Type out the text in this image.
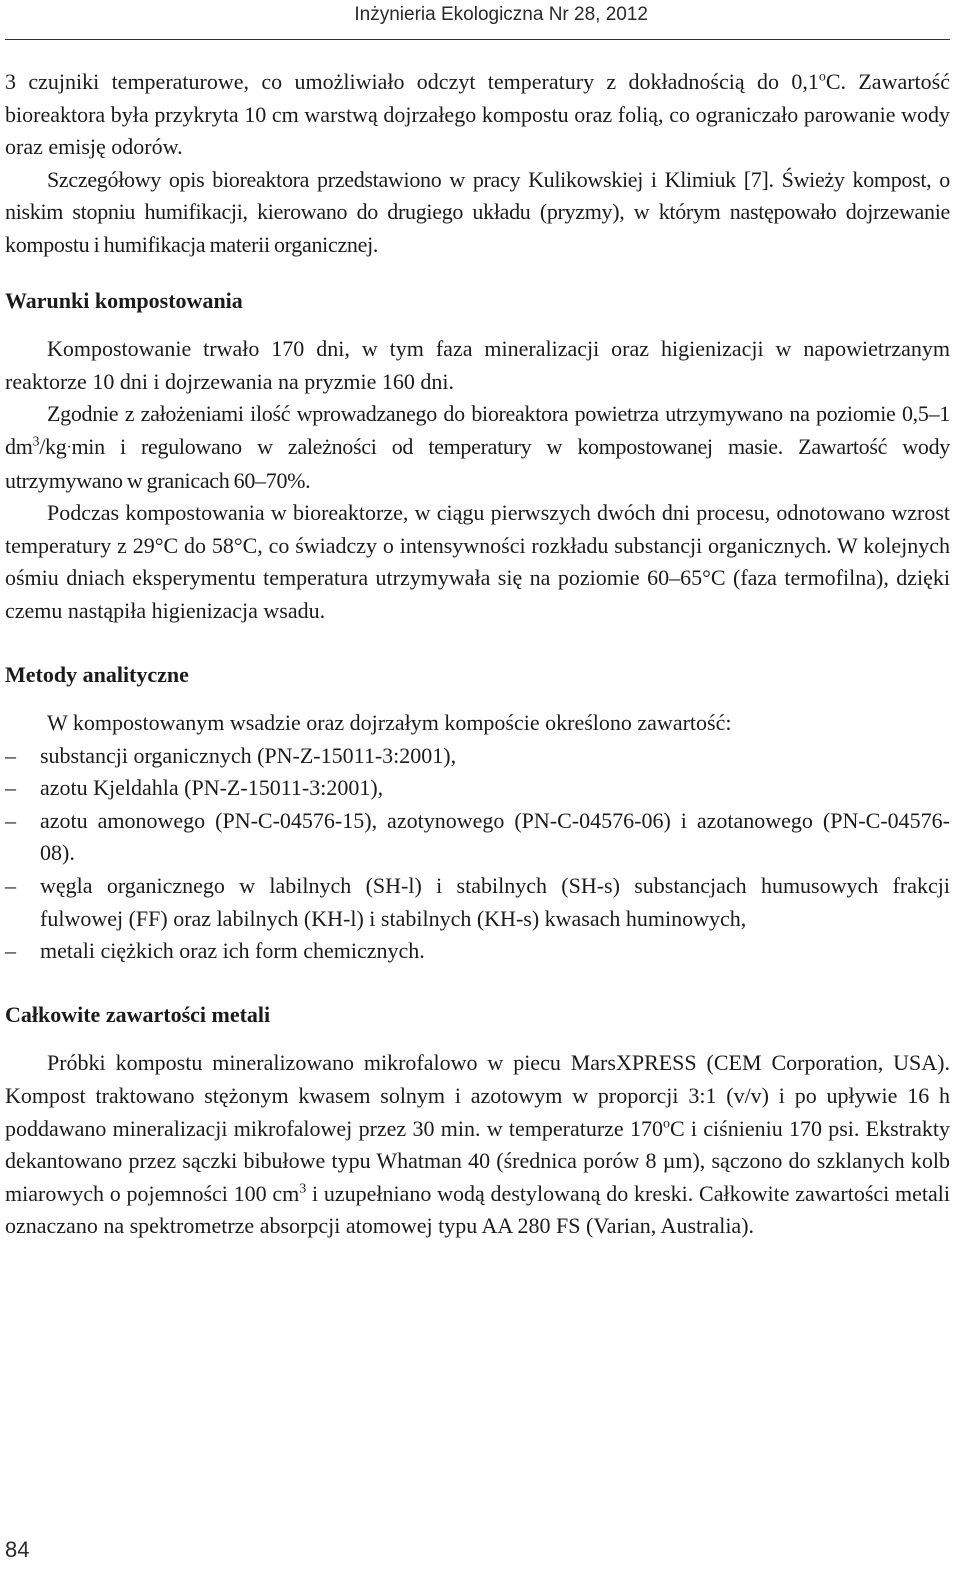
Inżynieria Ekologiczna Nr 28, 2012

3 czujniki temperaturowe, co umożliwiało odczyt temperatury z dokładnością do 0,1$^o$C. Zawartość bioreaktora była przykryta 10 cm warstwą dojrzałego kompostu oraz folią, co ograniczało parowanie wody oraz emisję odorów.

Szczegółowy opis bioreaktora przedstawiono w pracy Kulikowskiej i Klimiuk [7]. Świeży kompost, o niskim stopniu humifikacji, kierowano do drugiego układu (pryzmy), w którym następowało dojrzewanie kompostu i humifikacja materii organicznej.

Warunki kompostowania

Kompostowanie trwało 170 dni, w tym faza mineralizacji oraz higienizacji w napowietrzanym reaktorze 10 dni i dojrzewania na pryzmie 160 dni.

Zgodnie z założeniami ilość wprowadzanego do bioreaktora powietrza utrzymywano na poziomie 0,5–1 $dm^3/kg\cdot\min$ i regulowano w zależności od temperatury w kompostowanej masie. Zawartość wody utrzymywano w granicach 60–70%.

Podczas kompostowania w bioreaktorze, w ciągu pierwszych dwóch dni procesu, odnotowano wzrost temperatury z 29°C do 58°C, co świadczy o intensywności rozkładu substancji organicznych. W kolejnych ośmiu dniach eksperymentu temperatura utrzymywała się na poziomie 60–65°C (faza termofilna), dzięki czemu nastąpiła higienizacja wsadu.

Metody analityczne

W kompostowanym wsadzie oraz dojrzałym kompoście określono zawartość:

– substancji organicznych (PN-Z-15011-3:2001),
– azotu Kjeldahla (PN-Z-15011-3:2001),
– azotu amonowego (PN-C-04576-15), azotynowego (PN-C-04576-06) i azotanowego (PN-C-04576-08).
– węgla organicznego w labilnych (SH-l) i stabilnych (SH-s) substancjach humusowych frakcji fulwowej (FF) oraz labilnych (KH-l) i stabilnych (KH-s) kwasach huminowych,
– metali ciężkich oraz ich form chemicznych.
Całkowite zawartości metali

Próbki kompostu mineralizowano mikrofalowo w piecu MarsXPRESS (CEM Corporation, USA). Kompost traktowano stężonym kwasem solnym i azotowym w proporcji 3:1 (v/v) i po upływie 16 h poddawano mineralizacji mikrofalowej przez 30 min. w temperaturze 170$^o$C i ciśnieniu 170 psi. Ekstrakty dekantowano przez sączki bibułowe typu Whatman 40 (średnica porów 8 µm), sączono do szklanych kolb miarowych o pojemności 100 $cm^3$ i uzupełniano wodą destylowaną do kreski. Całkowite zawartości metali oznaczano na spektrometrze absorpcji atomowej typu AA 280 FS (Varian, Australia).

84
